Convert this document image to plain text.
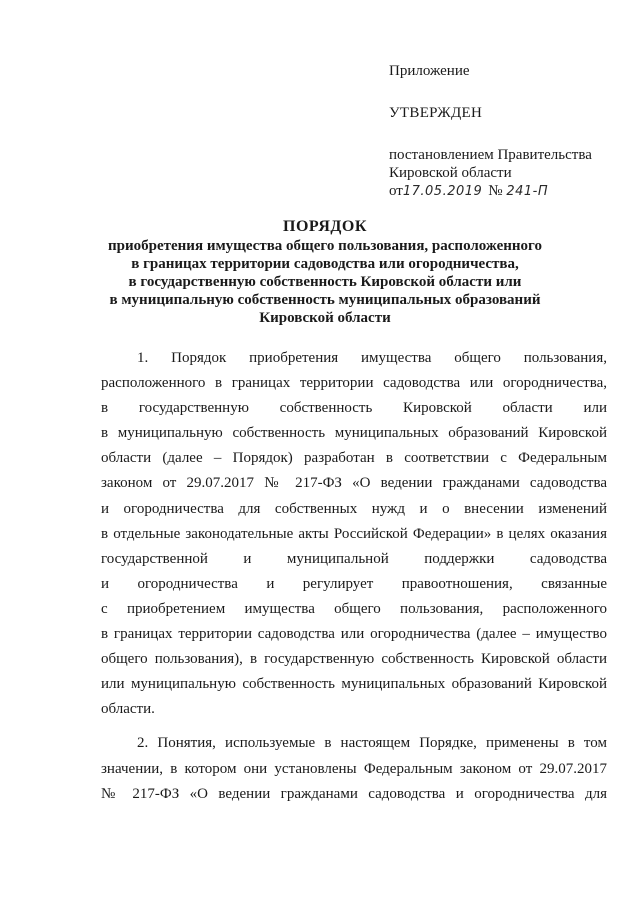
Приложение
УТВЕРЖДЕН
постановлением Правительства
Кировской области
от17.05.2019 № 241-П
ПОРЯДОК
приобретения имущества общего пользования, расположенного
в границах территории садоводства или огородничества,
в государственную собственность Кировской области или
в муниципальную собственность муниципальных образований
Кировской области

1. Порядок приобретения имущества общего пользования,
расположенного в границах территории садоводства или огородничества,
в государственную собственность Кировской области или
в муниципальную собственность муниципальных образований Кировской
области (далее – Порядок) разработан в соответствии с Федеральным
законом от 29.07.2017 № 217-ФЗ «О ведении гражданами садоводства
и огородничества для собственных нужд и о внесении изменений
в отдельные законодательные акты Российской Федерации» в целях оказания
государственной и муниципальной поддержки садоводства
и огородничества и регулирует правоотношения, связанные
с приобретением имущества общего пользования, расположенного
в границах территории садоводства или огородничества (далее – имущество
общего пользования), в государственную собственность Кировской области
или муниципальную собственность муниципальных образований Кировской
области.

2. Понятия, используемые в настоящем Порядке, применены в том
значении, в котором они установлены Федеральным законом от 29.07.2017
№ 217-ФЗ «О ведении гражданами садоводства и огородничества для
